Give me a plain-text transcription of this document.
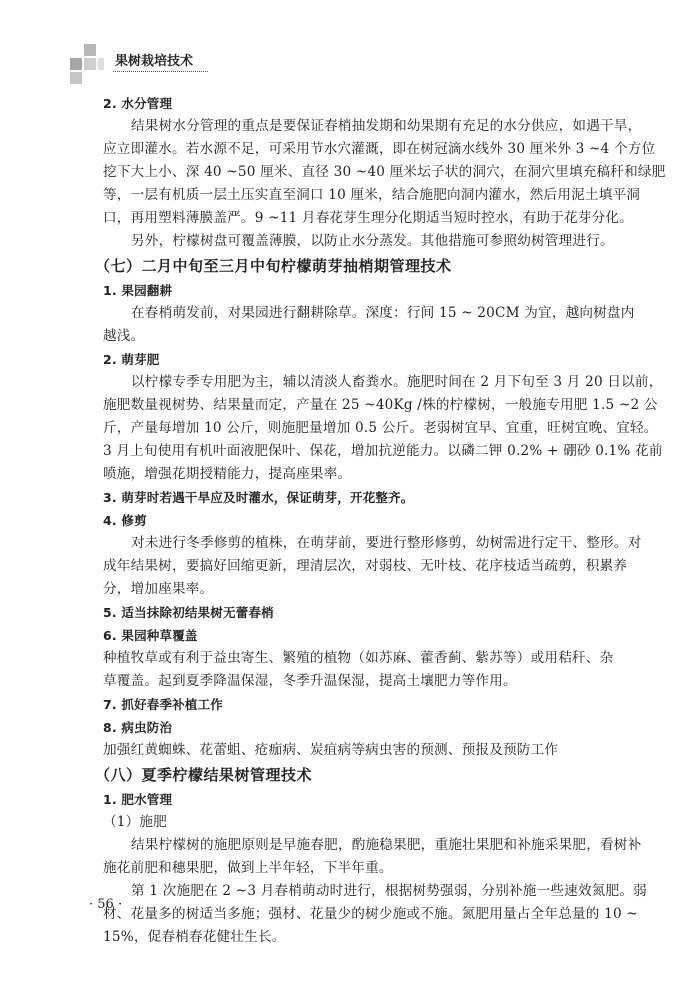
果树栽培技术
2. 水分管理
结果树水分管理的重点是要保证春梢抽发期和幼果期有充足的水分供应，如遇干旱，
应立即灌水。若水源不足，可采用节水穴灌溉，即在树冠滴水线外 30 厘米外 3 ~4 个方位
挖下大上小、深 40 ~50 厘米、直径 30 ~40 厘米坛子状的洞穴，在洞穴里填充稿秆和绿肥
等，一层有机质一层土压实直至洞口 10 厘米，结合施肥向洞内灌水，然后用泥土填平洞
口，再用塑料薄膜盖严。9 ~11 月春花芽生理分化期适当短时控水，有助于花芽分化。
另外，柠檬树盘可覆盖薄膜，以防止水分蒸发。其他措施可参照幼树管理进行。
（七）二月中旬至三月中旬柠檬萌芽抽梢期管理技术
1. 果园翻耕
在春梢萌发前，对果园进行翻耕除草。深度：行间 15 ~ 20CM 为宜，越向树盘内
越浅。
2. 萌芽肥
以柠檬专季专用肥为主，辅以清淡人畜粪水。施肥时间在 2 月下旬至 3 月 20 日以前，
施肥数量视树势、结果量而定，产量在 25 ~40Kg /株的柠檬树，一般施专用肥 1.5 ~2 公
斤，产量每增加 10 公斤，则施肥量增加 0.5 公斤。老弱树宜早、宜重，旺树宜晚、宜轻。
3 月上旬使用有机叶面液肥保叶、保花，增加抗逆能力。以磷二钾 0.2% + 硼砂 0.1% 花前
喷施，增强花期授精能力，提高座果率。
3. 萌芽时若遇干旱应及时灌水，保证萌芽，开花整齐。
4. 修剪
对未进行冬季修剪的植株，在萌芽前，要进行整形修剪，幼树需进行定干、整形。对
成年结果树，要搞好回缩更新，理清层次，对弱枝、无叶枝、花序枝适当疏剪，积累养
分，增加座果率。
5. 适当抹除初结果树无蕾春梢
6. 果园种草覆盖
种植牧草或有利于益虫寄生、繁殖的植物（如苏麻、藿香蓟、紫苏等）或用秸秆、杂
草覆盖。起到夏季降温保湿，冬季升温保湿，提高土壤肥力等作用。
7. 抓好春季补植工作
8. 病虫防治
加强红黄蜘蛛、花蕾蛆、疮痂病、炭疽病等病虫害的预测、预报及预防工作
（八）夏季柠檬结果树管理技术
1. 肥水管理
（1）施肥
结果柠檬树的施肥原则是早施春肥，酌施稳果肥，重施壮果肥和补施采果肥，看树补
施花前肥和穗果肥，做到上半年轻，下半年重。
第 1 次施肥在 2 ~3 月春梢萌动时进行，根据树势强弱，分别补施一些速效氮肥。弱
材、花量多的树适当多施；强材、花量少的树少施或不施。氮肥用量占全年总量的 10 ~
15%，促春梢春花健壮生长。
· 56 ·
